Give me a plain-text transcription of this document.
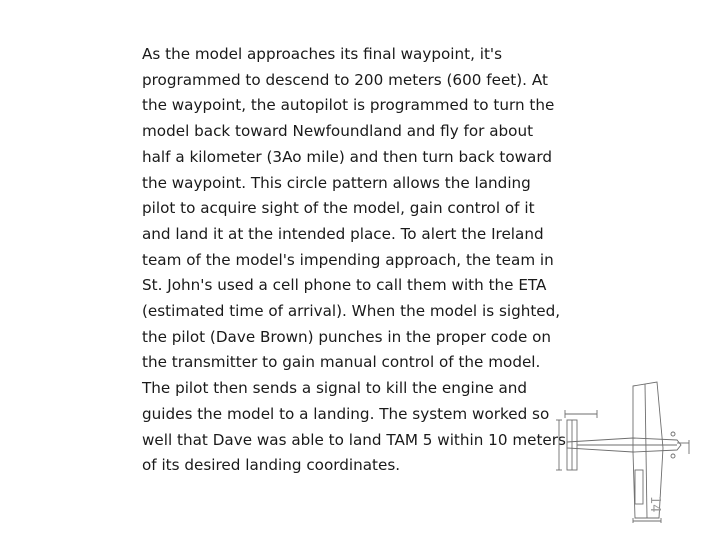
As the model approaches its final waypoint, it's
programmed to descend to 200 meters (600 feet). At
the waypoint, the autopilot is programmed to turn the
model back toward Newfoundland and fly for about
half a kilometer (3Ao mile) and then turn back toward
the waypoint. This circle pattern allows the landing
pilot to acquire sight of the model, gain control of it
and land it at the intended place. To alert the Ireland
team of the model's impending approach, the team in
St. John's used a cell phone to call them with the ETA
(estimated time of arrival). When the model is sighted,
the pilot (Dave Brown) punches in the proper code on
the transmitter to gain manual control of the model.
The pilot then sends a signal to kill the engine and
guides the model to a landing. The system worked so
well that Dave was able to land TAM 5 within 10 meters
of its desired landing coordinates.

14
